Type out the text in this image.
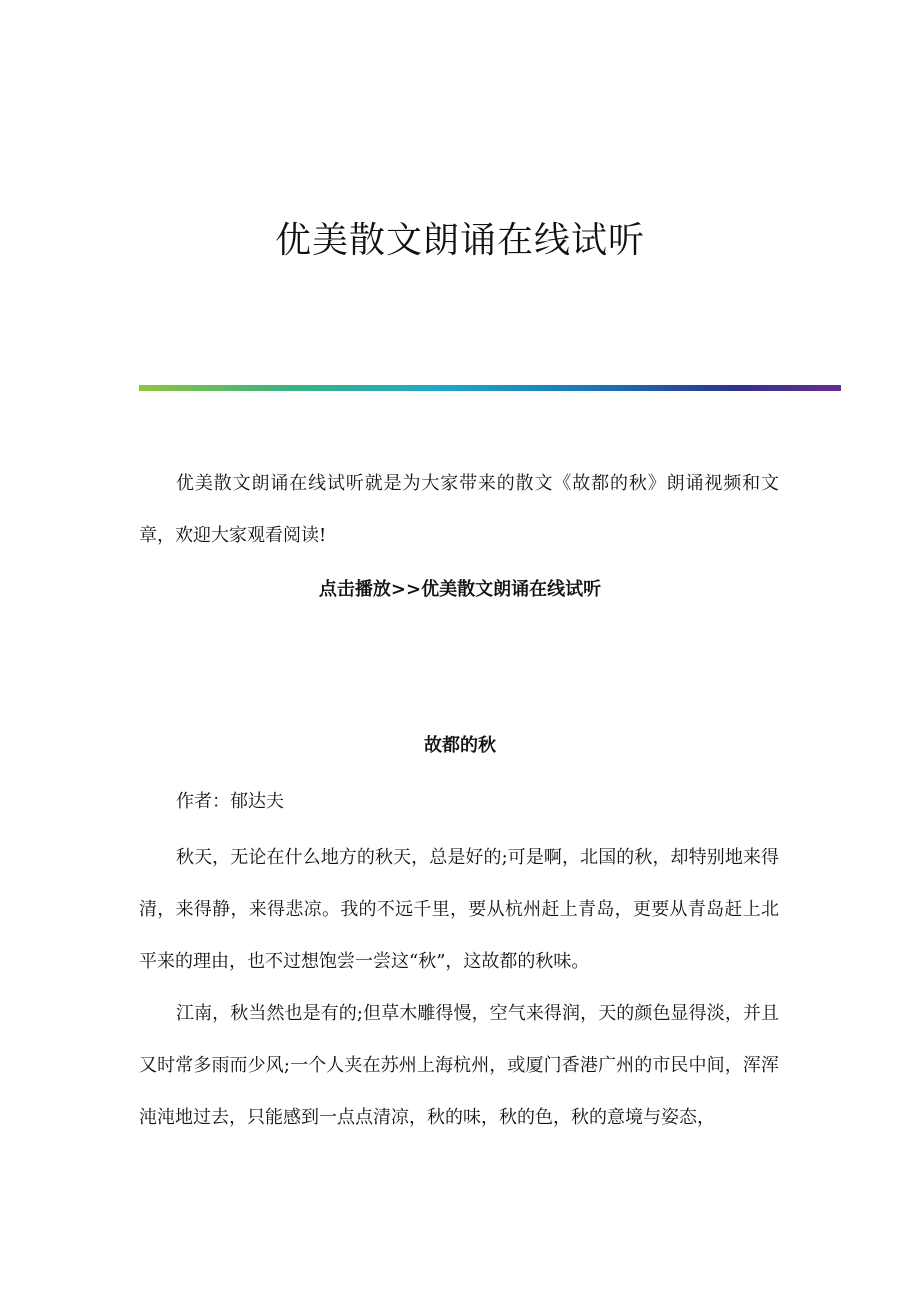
优美散文朗诵在线试听

优美散文朗诵在线试听就是为大家带来的散文《故都的秋》朗诵视频和文章，欢迎大家观看阅读!

点击播放>>优美散文朗诵在线试听

故都的秋

作者：郁达夫

秋天，无论在什么地方的秋天，总是好的;可是啊，北国的秋，却特别地来得清，来得静，来得悲凉。我的不远千里，要从杭州赶上青岛，更要从青岛赶上北平来的理由，也不过想饱尝一尝这“秋”，这故都的秋味。

江南，秋当然也是有的;但草木雕得慢，空气来得润，天的颜色显得淡，并且又时常多雨而少风;一个人夹在苏州上海杭州，或厦门香港广州的市民中间，浑浑沌沌地过去，只能感到一点点清凉，秋的味，秋的色，秋的意境与姿态，
